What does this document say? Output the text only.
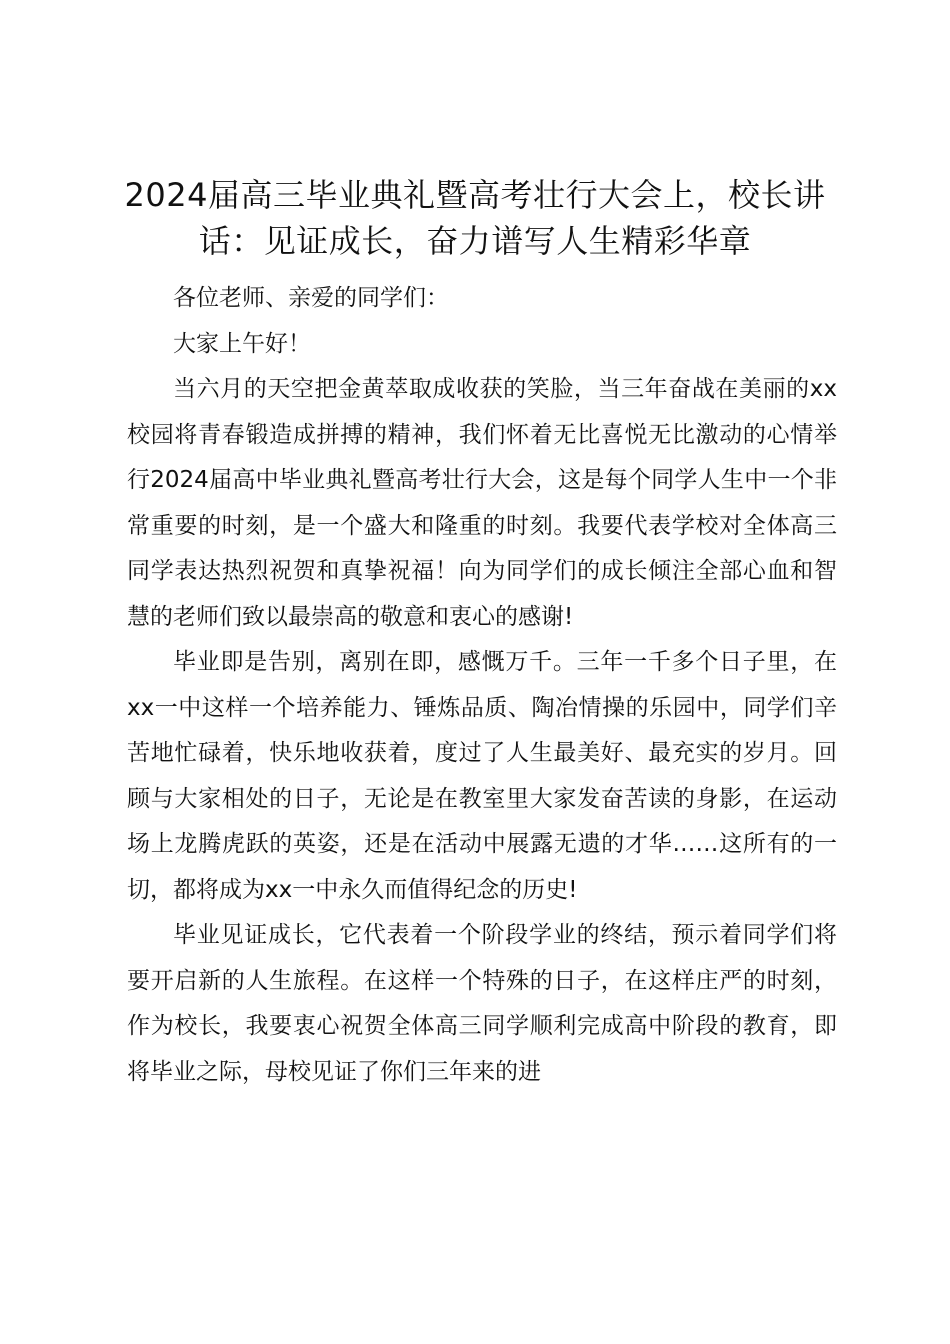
2024届高三毕业典礼暨高考壮行大会上，校长讲话：见证成长，奋力谱写人生精彩华章

各位老师、亲爱的同学们：

大家上午好！

当六月的天空把金黄萃取成收获的笑脸，当三年奋战在美丽的xx校园将青春锻造成拼搏的精神，我们怀着无比喜悦无比激动的心情举行2024届高中毕业典礼暨高考壮行大会，这是每个同学人生中一个非常重要的时刻，是一个盛大和隆重的时刻。我要代表学校对全体高三同学表达热烈祝贺和真挚祝福！向为同学们的成长倾注全部心血和智慧的老师们致以最崇高的敬意和衷心的感谢!

毕业即是告别，离别在即，感慨万千。三年一千多个日子里，在xx一中这样一个培养能力、锤炼品质、陶冶情操的乐园中，同学们辛苦地忙碌着，快乐地收获着，度过了人生最美好、最充实的岁月。回顾与大家相处的日子，无论是在教室里大家发奋苦读的身影，在运动场上龙腾虎跃的英姿，还是在活动中展露无遗的才华……这所有的一切，都将成为xx一中永久而值得纪念的历史!

毕业见证成长，它代表着一个阶段学业的终结，预示着同学们将要开启新的人生旅程。在这样一个特殊的日子，在这样庄严的时刻，作为校长，我要衷心祝贺全体高三同学顺利完成高中阶段的教育，即将毕业之际，母校见证了你们三年来的进
